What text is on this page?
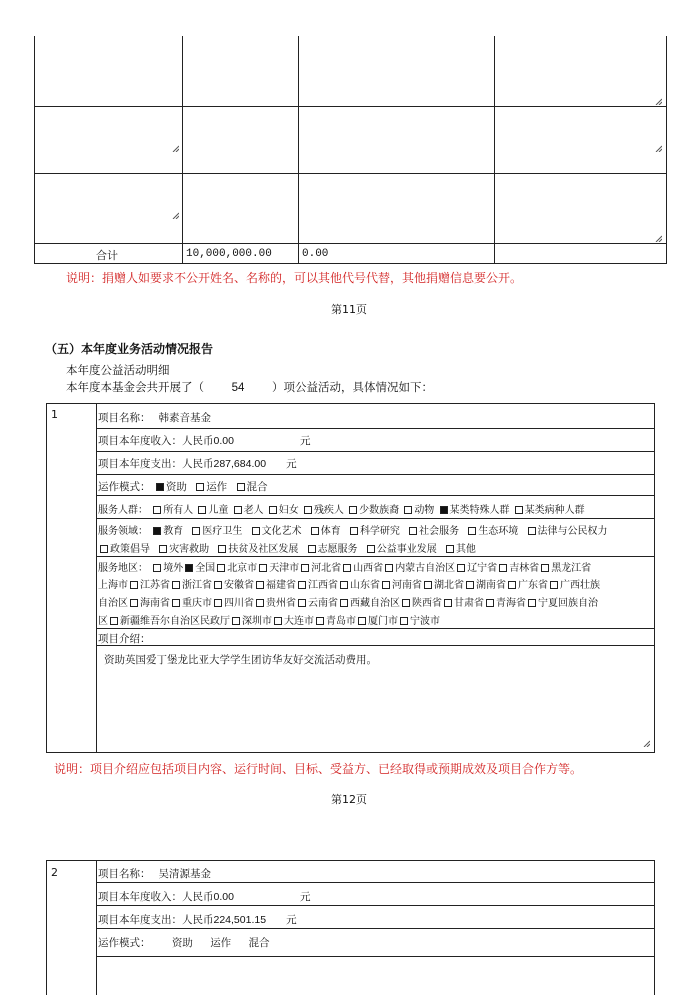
合计	10,000,000.00	0.00
说明：捐赠人如要求不公开姓名、名称的，可以其他代号代替，其他捐赠信息要公开。
第11页
（五）本年度业务活动情况报告
本年度公益活动明细
本年度本基金会共开展了（ 54 ）项公益活动，具体情况如下：
1	项目名称： 韩素音基金
项目本年度收入：人民币0.00	元
项目本年度支出：人民币287,684.00 元
运作模式： 资助 运作 混合
服务人群： 所有人 儿童 老人 妇女 残疾人 少数族裔 动物 某类特殊人群 某类病种人群
服务领域： 教育 医疗卫生 文化艺术 体育 科学研究 社会服务 生态环境 法律与公民权力
政策倡导 灾害救助 扶贫及社区发展 志愿服务 公益事业发展 其他
服务地区： 境外 全国 北京市 天津市 河北省 山西省 内蒙古自治区 辽宁省 吉林省 黑龙江省
上海市 江苏省 浙江省 安徽省 福建省 江西省 山东省 河南省 湖北省 湖南省 广东省 广西壮族
自治区 海南省 重庆市 四川省 贵州省 云南省 西藏自治区 陕西省 甘肃省 青海省 宁夏回族自治
区 新疆维吾尔自治区民政厅 深圳市 大连市 青岛市 厦门市 宁波市
项目介绍：
资助英国爱丁堡龙比亚大学学生团访华友好交流活动费用。
说明：项目介绍应包括项目内容、运行时间、目标、受益方、已经取得或预期成效及项目合作方等。
第12页
2	项目名称： 吴清源基金
项目本年度收入：人民币0.00	元
项目本年度支出：人民币224,501.15 元
运作模式： 资助 运作 混合
